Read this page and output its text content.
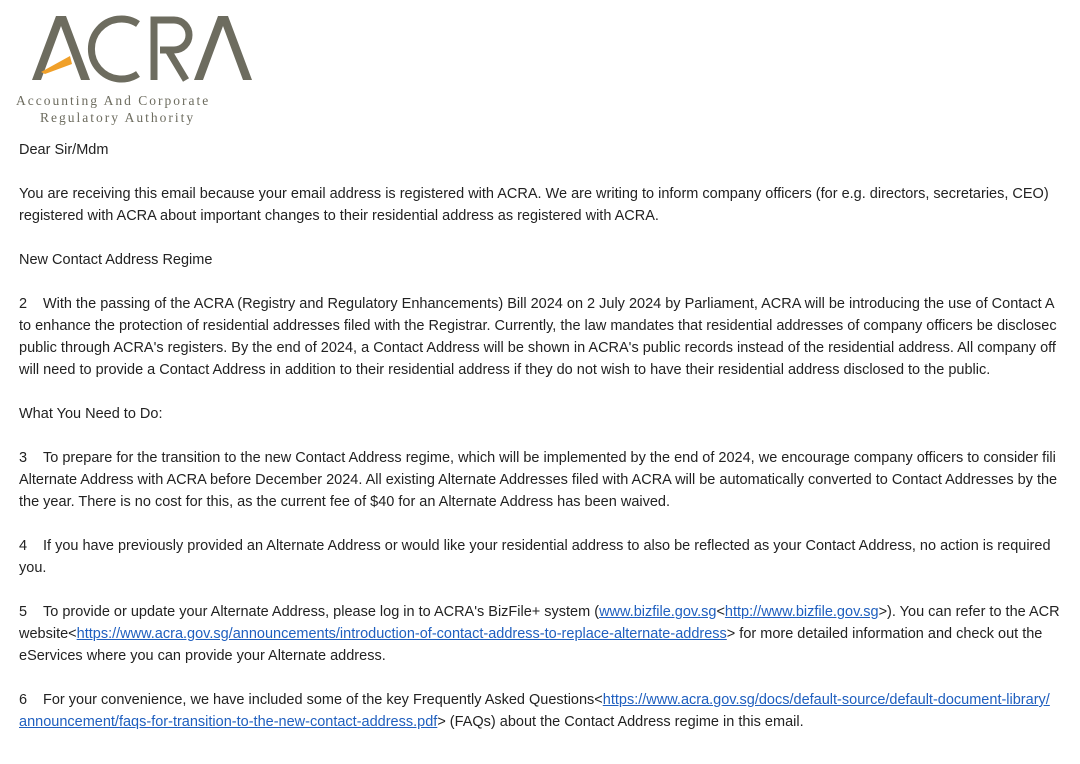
Accounting And Corporate
Regulatory Authority

Dear Sir/Mdm

You are receiving this email because your email address is registered with ACRA. We are writing to inform company officers (for e.g. directors, secretaries, CEO)
registered with ACRA about important changes to their residential address as registered with ACRA.

New Contact Address Regime

2 With the passing of the ACRA (Registry and Regulatory Enhancements) Bill 2024 on 2 July 2024 by Parliament, ACRA will be introducing the use of Contact A
to enhance the protection of residential addresses filed with the Registrar. Currently, the law mandates that residential addresses of company officers be disclosec
public through ACRA's registers. By the end of 2024, a Contact Address will be shown in ACRA's public records instead of the residential address. All company off
will need to provide a Contact Address in addition to their residential address if they do not wish to have their residential address disclosed to the public.

What You Need to Do:

3 To prepare for the transition to the new Contact Address regime, which will be implemented by the end of 2024, we encourage company officers to consider fili
Alternate Address with ACRA before December 2024. All existing Alternate Addresses filed with ACRA will be automatically converted to Contact Addresses by the
the year. There is no cost for this, as the current fee of $40 for an Alternate Address has been waived.

4 If you have previously provided an Alternate Address or would like your residential address to also be reflected as your Contact Address, no action is required
you.

5 To provide or update your Alternate Address, please log in to ACRA's BizFile+ system (www.bizfile.gov.sg<http://www.bizfile.gov.sg>). You can refer to the ACR
website<https://www.acra.gov.sg/announcements/introduction-of-contact-address-to-replace-alternate-address> for more detailed information and check out the
eServices where you can provide your Alternate address.

6 For your convenience, we have included some of the key Frequently Asked Questions<https://www.acra.gov.sg/docs/default-source/default-document-library/
announcement/faqs-for-transition-to-the-new-contact-address.pdf> (FAQs) about the Contact Address regime in this email.
